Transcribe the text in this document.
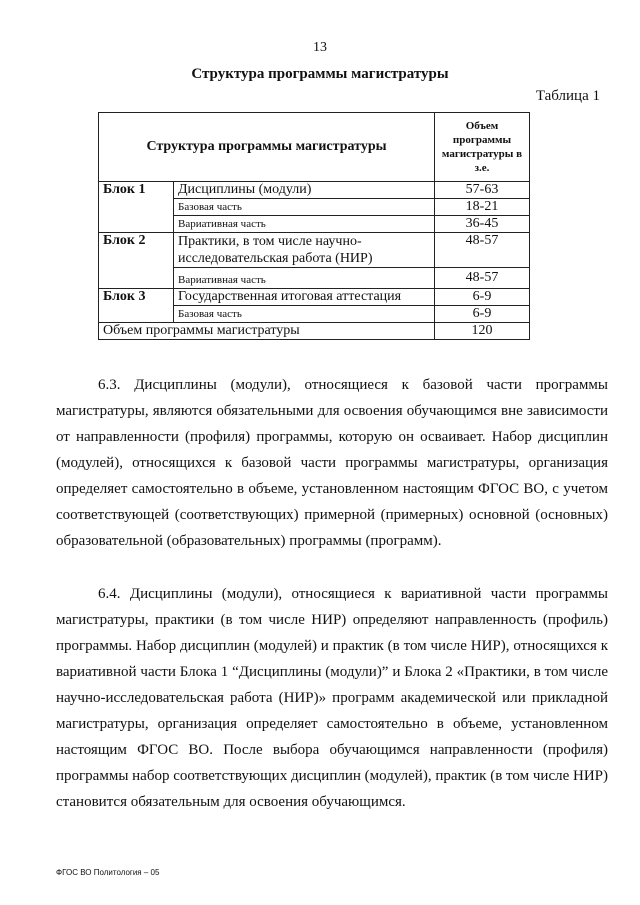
13
Структура программы магистратуры
Таблица 1
Структура программы магистратуры		Объем программы магистратуры в з.е.
Блок 1	Дисциплины (модули)	57-63
	Базовая часть	18-21
	Вариативная часть	36-45
Блок 2	Практики, в том числе научно-исследовательская работа (НИР)	48-57
	Вариативная часть	48-57
Блок 3	Государственная итоговая аттестация	6-9
	Базовая часть	6-9
Объем программы магистратуры		120
6.3. Дисциплины (модули), относящиеся к базовой части программы магистратуры, являются обязательными для освоения обучающимся вне зависимости от направленности (профиля) программы, которую он осваивает. Набор дисциплин (модулей), относящихся к базовой части программы магистратуры, организация определяет самостоятельно в объеме, установленном настоящим ФГОС ВО, с учетом соответствующей (соответствующих) примерной (примерных) основной (основных) образовательной (образовательных) программы (программ).
6.4. Дисциплины (модули), относящиеся к вариативной части программы магистратуры, практики (в том числе НИР) определяют направленность (профиль) программы. Набор дисциплин (модулей) и практик (в том числе НИР), относящихся к вариативной части Блока 1 “Дисциплины (модули)” и Блока 2 «Практики, в том числе научно-исследовательская работа (НИР)» программ академической или прикладной магистратуры, организация определяет самостоятельно в объеме, установленном настоящим ФГОС ВО. После выбора обучающимся направленности (профиля) программы набор соответствующих дисциплин (модулей), практик (в том числе НИР) становится обязательным для освоения обучающимся.
ФГОС ВО Политология – 05
